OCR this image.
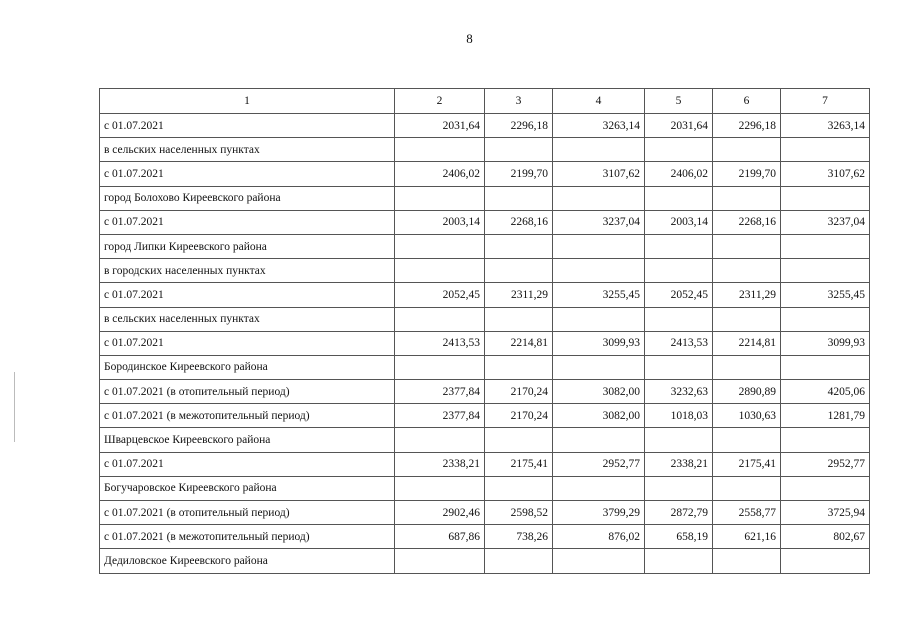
8
1	2	3	4	5	6	7
с 01.07.2021	2031,64	2296,18	3263,14	2031,64	2296,18	3263,14
в сельских населенных пунктах						
с 01.07.2021	2406,02	2199,70	3107,62	2406,02	2199,70	3107,62
город Болохово Киреевского района						
с 01.07.2021	2003,14	2268,16	3237,04	2003,14	2268,16	3237,04
город Липки Киреевского района						
в городских населенных пунктах						
с 01.07.2021	2052,45	2311,29	3255,45	2052,45	2311,29	3255,45
в сельских населенных пунктах						
с 01.07.2021	2413,53	2214,81	3099,93	2413,53	2214,81	3099,93
Бородинское Киреевского района						
с 01.07.2021 (в отопительный период)	2377,84	2170,24	3082,00	3232,63	2890,89	4205,06
с 01.07.2021 (в межотопительный период)	2377,84	2170,24	3082,00	1018,03	1030,63	1281,79
Шварцевское Киреевского района						
с 01.07.2021	2338,21	2175,41	2952,77	2338,21	2175,41	2952,77
Богучаровское Киреевского района						
с 01.07.2021 (в отопительный период)	2902,46	2598,52	3799,29	2872,79	2558,77	3725,94
с 01.07.2021 (в межотопительный период)	687,86	738,26	876,02	658,19	621,16	802,67
Дедиловское Киреевского района						
